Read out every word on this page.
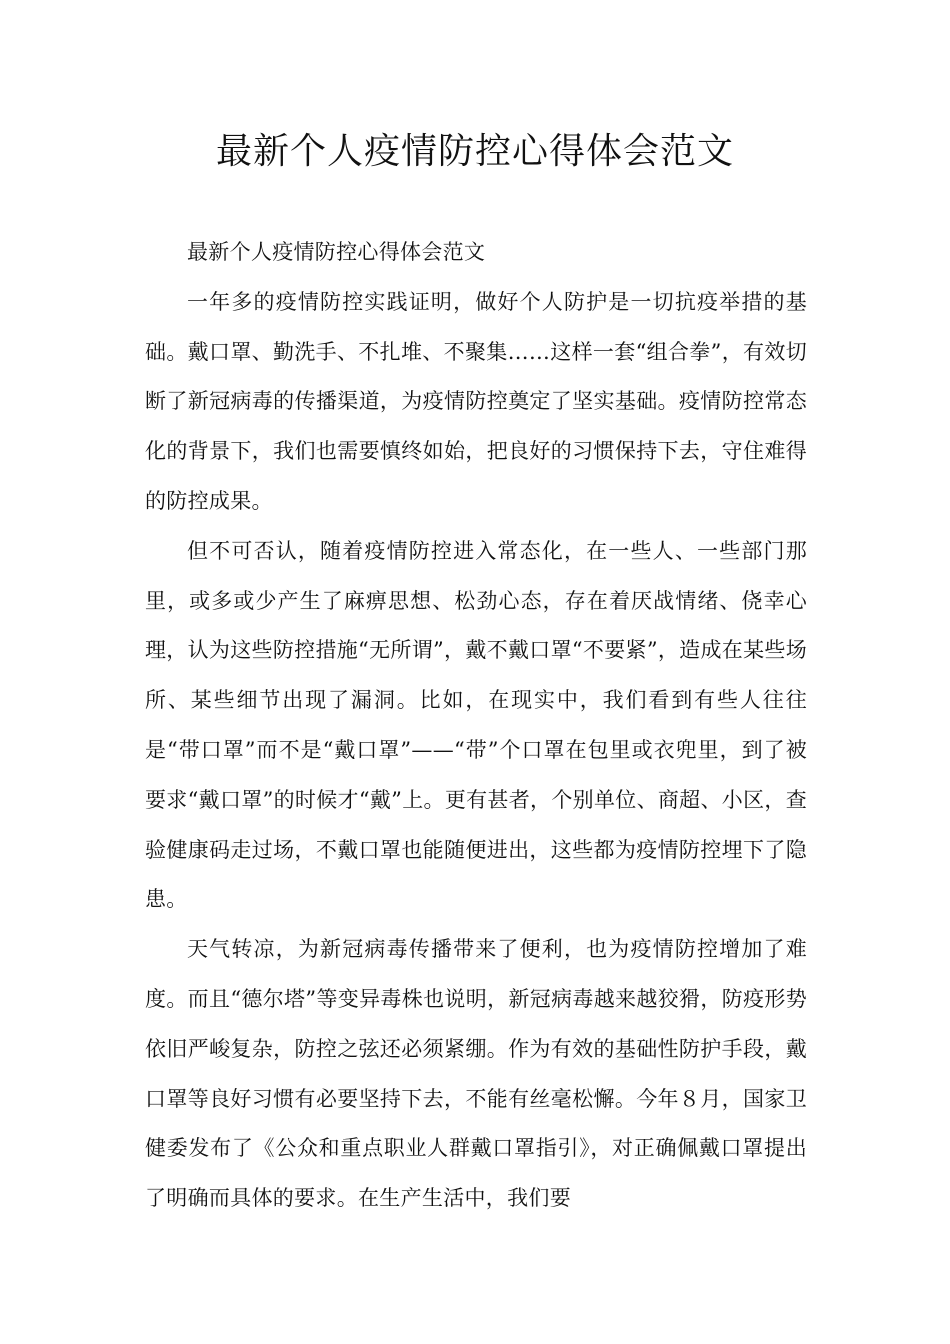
最新个人疫情防控心得体会范文

最新个人疫情防控心得体会范文

一年多的疫情防控实践证明，做好个人防护是一切抗疫举措的基础。戴口罩、勤洗手、不扎堆、不聚集……这样一套“组合拳”，有效切断了新冠病毒的传播渠道，为疫情防控奠定了坚实基础。疫情防控常态化的背景下，我们也需要慎终如始，把良好的习惯保持下去，守住难得的防控成果。

但不可否认，随着疫情防控进入常态化，在一些人、一些部门那里，或多或少产生了麻痹思想、松劲心态，存在着厌战情绪、侥幸心理，认为这些防控措施“无所谓”，戴不戴口罩“不要紧”，造成在某些场所、某些细节出现了漏洞。比如，在现实中，我们看到有些人往往是“带口罩”而不是“戴口罩”——“带”个口罩在包里或衣兜里，到了被要求“戴口罩”的时候才“戴”上。更有甚者，个别单位、商超、小区，查验健康码走过场，不戴口罩也能随便进出，这些都为疫情防控埋下了隐患。

天气转凉，为新冠病毒传播带来了便利，也为疫情防控增加了难度。而且“德尔塔”等变异毒株也说明，新冠病毒越来越狡猾，防疫形势依旧严峻复杂，防控之弦还必须紧绷。作为有效的基础性防护手段，戴口罩等良好习惯有必要坚持下去，不能有丝毫松懈。今年８月，国家卫健委发布了《公众和重点职业人群戴口罩指引》，对正确佩戴口罩提出了明确而具体的要求。在生产生活中，我们要
